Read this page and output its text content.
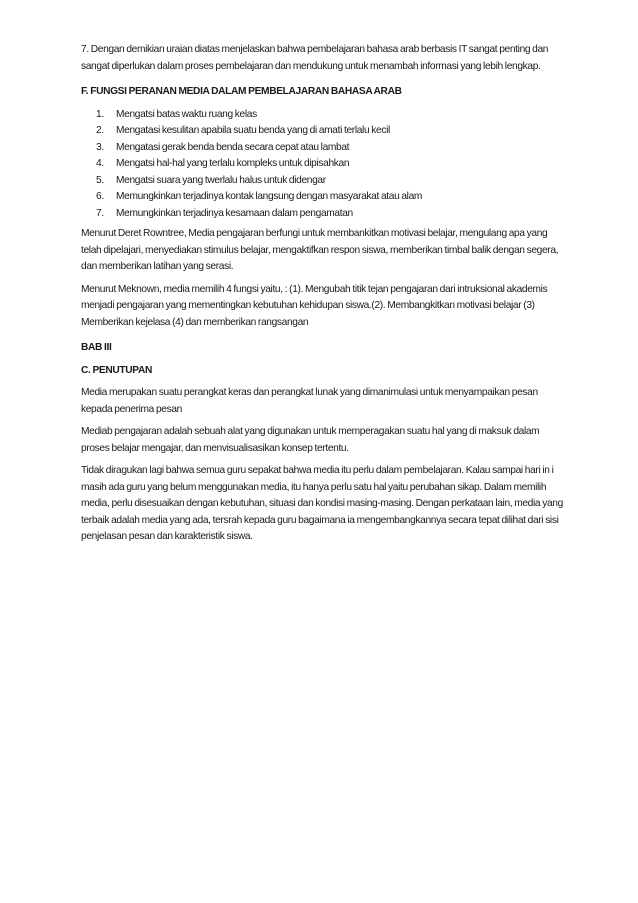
7. Dengan demikian uraian diatas menjelaskan bahwa pembelajaran bahasa arab berbasis IT sangat penting dan sangat diperlukan dalam proses pembelajaran dan mendukung untuk menambah informasi yang lebih lengkap.

F. FUNGSI PERANAN MEDIA DALAM PEMBELAJARAN BAHASA ARAB

1.	Mengatsi batas waktu ruang kelas
2.	Mengatasi kesulitan apabila suatu benda yang di amati terlalu kecil
3.	Mengatasi gerak benda benda secara cepat atau lambat
4.	Mengatsi hal-hal yang terlalu kompleks untuk dipisahkan
5.	Mengatsi suara yang twerlalu halus untuk didengar
6.	Memungkinkan terjadinya kontak langsung dengan masyarakat atau alam
7.	Memungkinkan terjadinya kesamaan dalam pengamatan

Menurut Deret Rowntree, Media pengajaran berfungi untuk membankitkan motivasi belajar, mengulang apa yang telah dipelajari, menyediakan stimulus belajar, mengaktifkan respon siswa, memberikan timbal balik dengan segera, dan memberikan latihan yang serasi.

Menurut Meknown, media memilih 4 fungsi yaitu, : (1). Mengubah titik tejan pengajaran dari intruksional akademis menjadi pengajaran yang mementingkan kebutuhan kehidupan siswa.(2). Membangkitkan motivasi belajar (3) Memberikan kejelasa (4) dan memberikan rangsangan

BAB III

C. PENUTUPAN

Media merupakan suatu perangkat keras dan perangkat lunak yang dimanimulasi untuk menyampaikan pesan kepada penerima pesan

Mediab pengajaran adalah sebuah alat yang digunakan untuk memperagakan suatu hal yang di maksuk dalam proses belajar mengajar, dan menvisualisasikan konsep tertentu.

Tidak diragukan lagi bahwa semua guru sepakat bahwa media itu perlu dalam pembelajaran. Kalau sampai hari in i masih ada guru yang belum menggunakan media, itu hanya perlu satu hal yaitu perubahan sikap. Dalam memilih media, perlu disesuaikan dengan kebutuhan, situasi dan kondisi masing-masing. Dengan perkataan lain, media yang terbaik adalah media yang ada, tersrah kepada guru bagaimana ia mengembangkannya secara tepat dilihat dari sisi penjelasan pesan dan karakteristik siswa.
